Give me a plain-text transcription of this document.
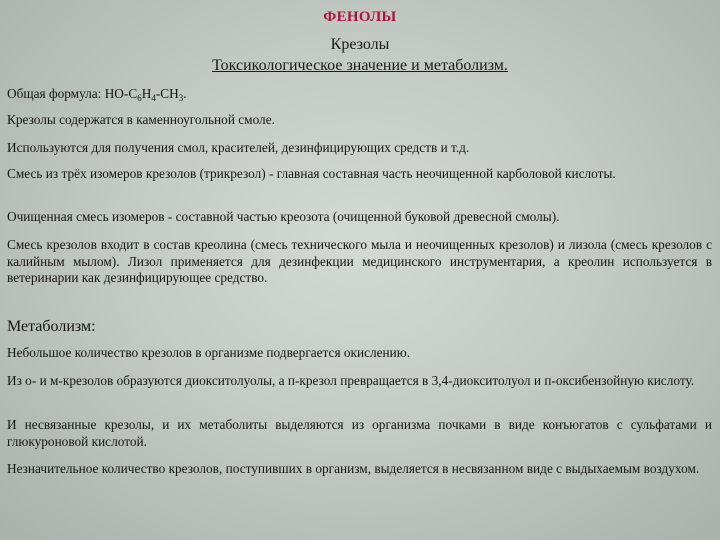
ФЕНОЛЫ
Крезолы
Токсикологическое значение и метаболизм.

Общая формула: $HO-C_6H_4-CH_3$.

Крезолы содержатся в каменноугольной смоле.

Используются для получения смол, красителей, дезинфицирующих средств и т.д.

Смесь из трёх изомеров крезолов (трикрезол) - главная составная часть неочищенной карболовой кислоты.

Очищенная смесь изомеров - составной частью креозота (очищенной буковой древесной смолы).

Смесь крезолов входит в состав креолина (смесь технического мыла и неочищенных крезолов) и лизола (смесь крезолов с калийным мылом). Лизол применяется для дезинфекции медицинского инструментария, а креолин используется в ветеринарии как дезинфицирующее средство.

Метаболизм:

Небольшое количество крезолов в организме подвергается окислению.

Из о- и м-крезолов образуются диокситолуолы, а п-крезол превращается в 3,4-диокситолуол и п-оксибензойную кислоту.

И несвязанные крезолы, и их метаболиты выделяются из организма почками в виде конъюгатов с сульфатами и глюкуроновой кислотой.

Незначительное количество крезолов, поступивших в организм, выделяется в несвязанном виде с выдыхаемым воздухом.
